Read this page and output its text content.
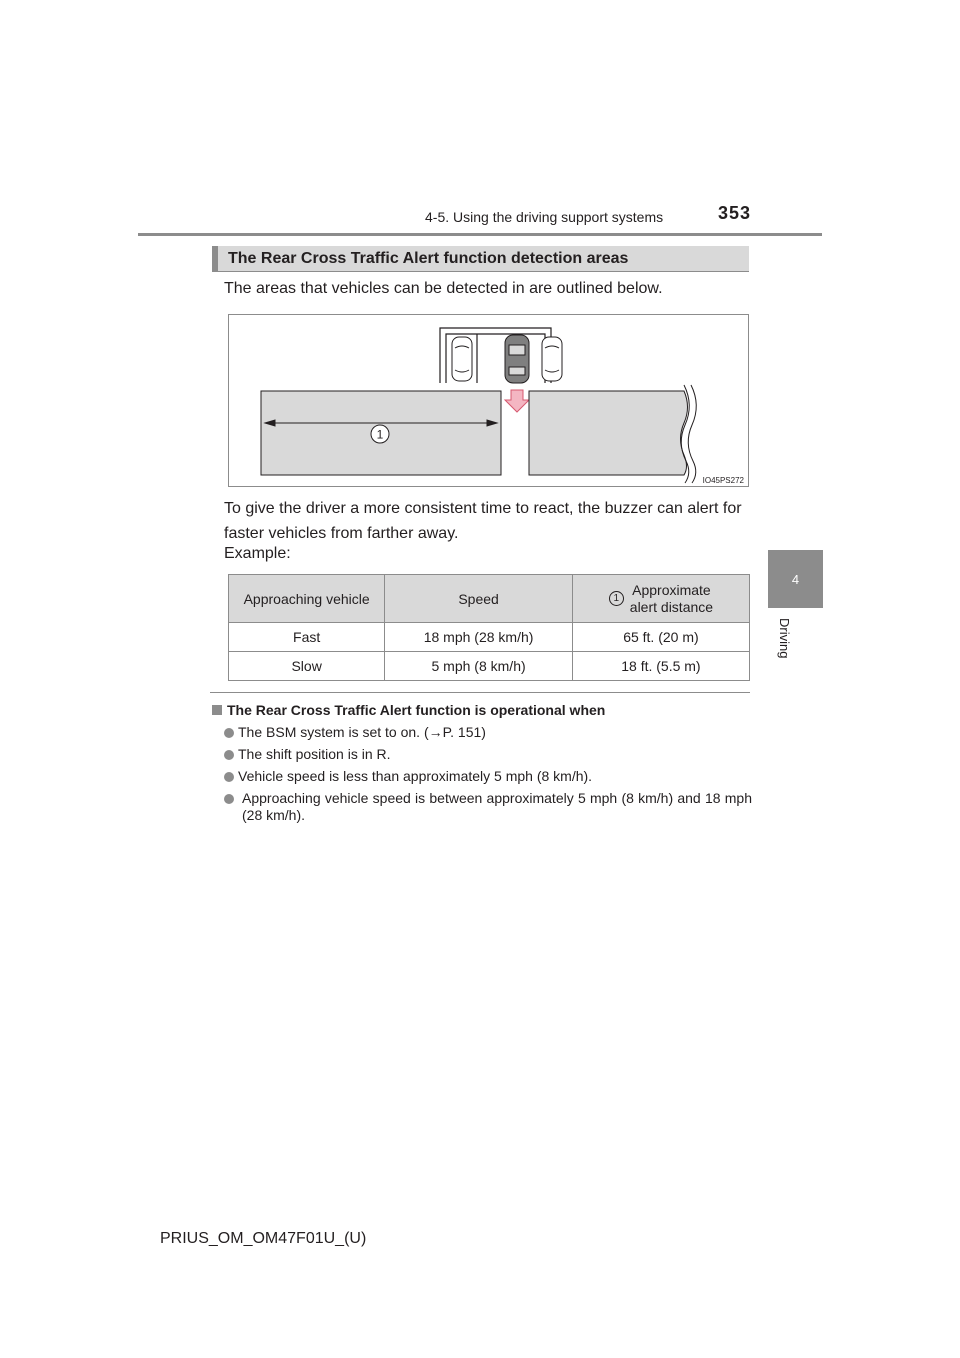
4-5. Using the driving support systems	353
4
Driving
The Rear Cross Traffic Alert function detection areas
The areas that vehicles can be detected in are outlined below.
1
IO45PS272
To give the driver a more consistent time to react, the buzzer can alert for faster vehicles from farther away.
Example:
Approaching vehicle	Speed	1
Approximate
alert distance

Fast	18 mph (28 km/h)	65 ft. (20 m)
Slow	5 mph (8 km/h)	18 ft. (5.5 m)
The Rear Cross Traffic Alert function is operational when
The BSM system is set to on. (→P. 151)
The shift position is in R.
Vehicle speed is less than approximately 5 mph (8 km/h).
Approaching vehicle speed is between approximately 5 mph (8 km/h) and 18 mph (28 km/h).
PRIUS_OM_OM47F01U_(U)
